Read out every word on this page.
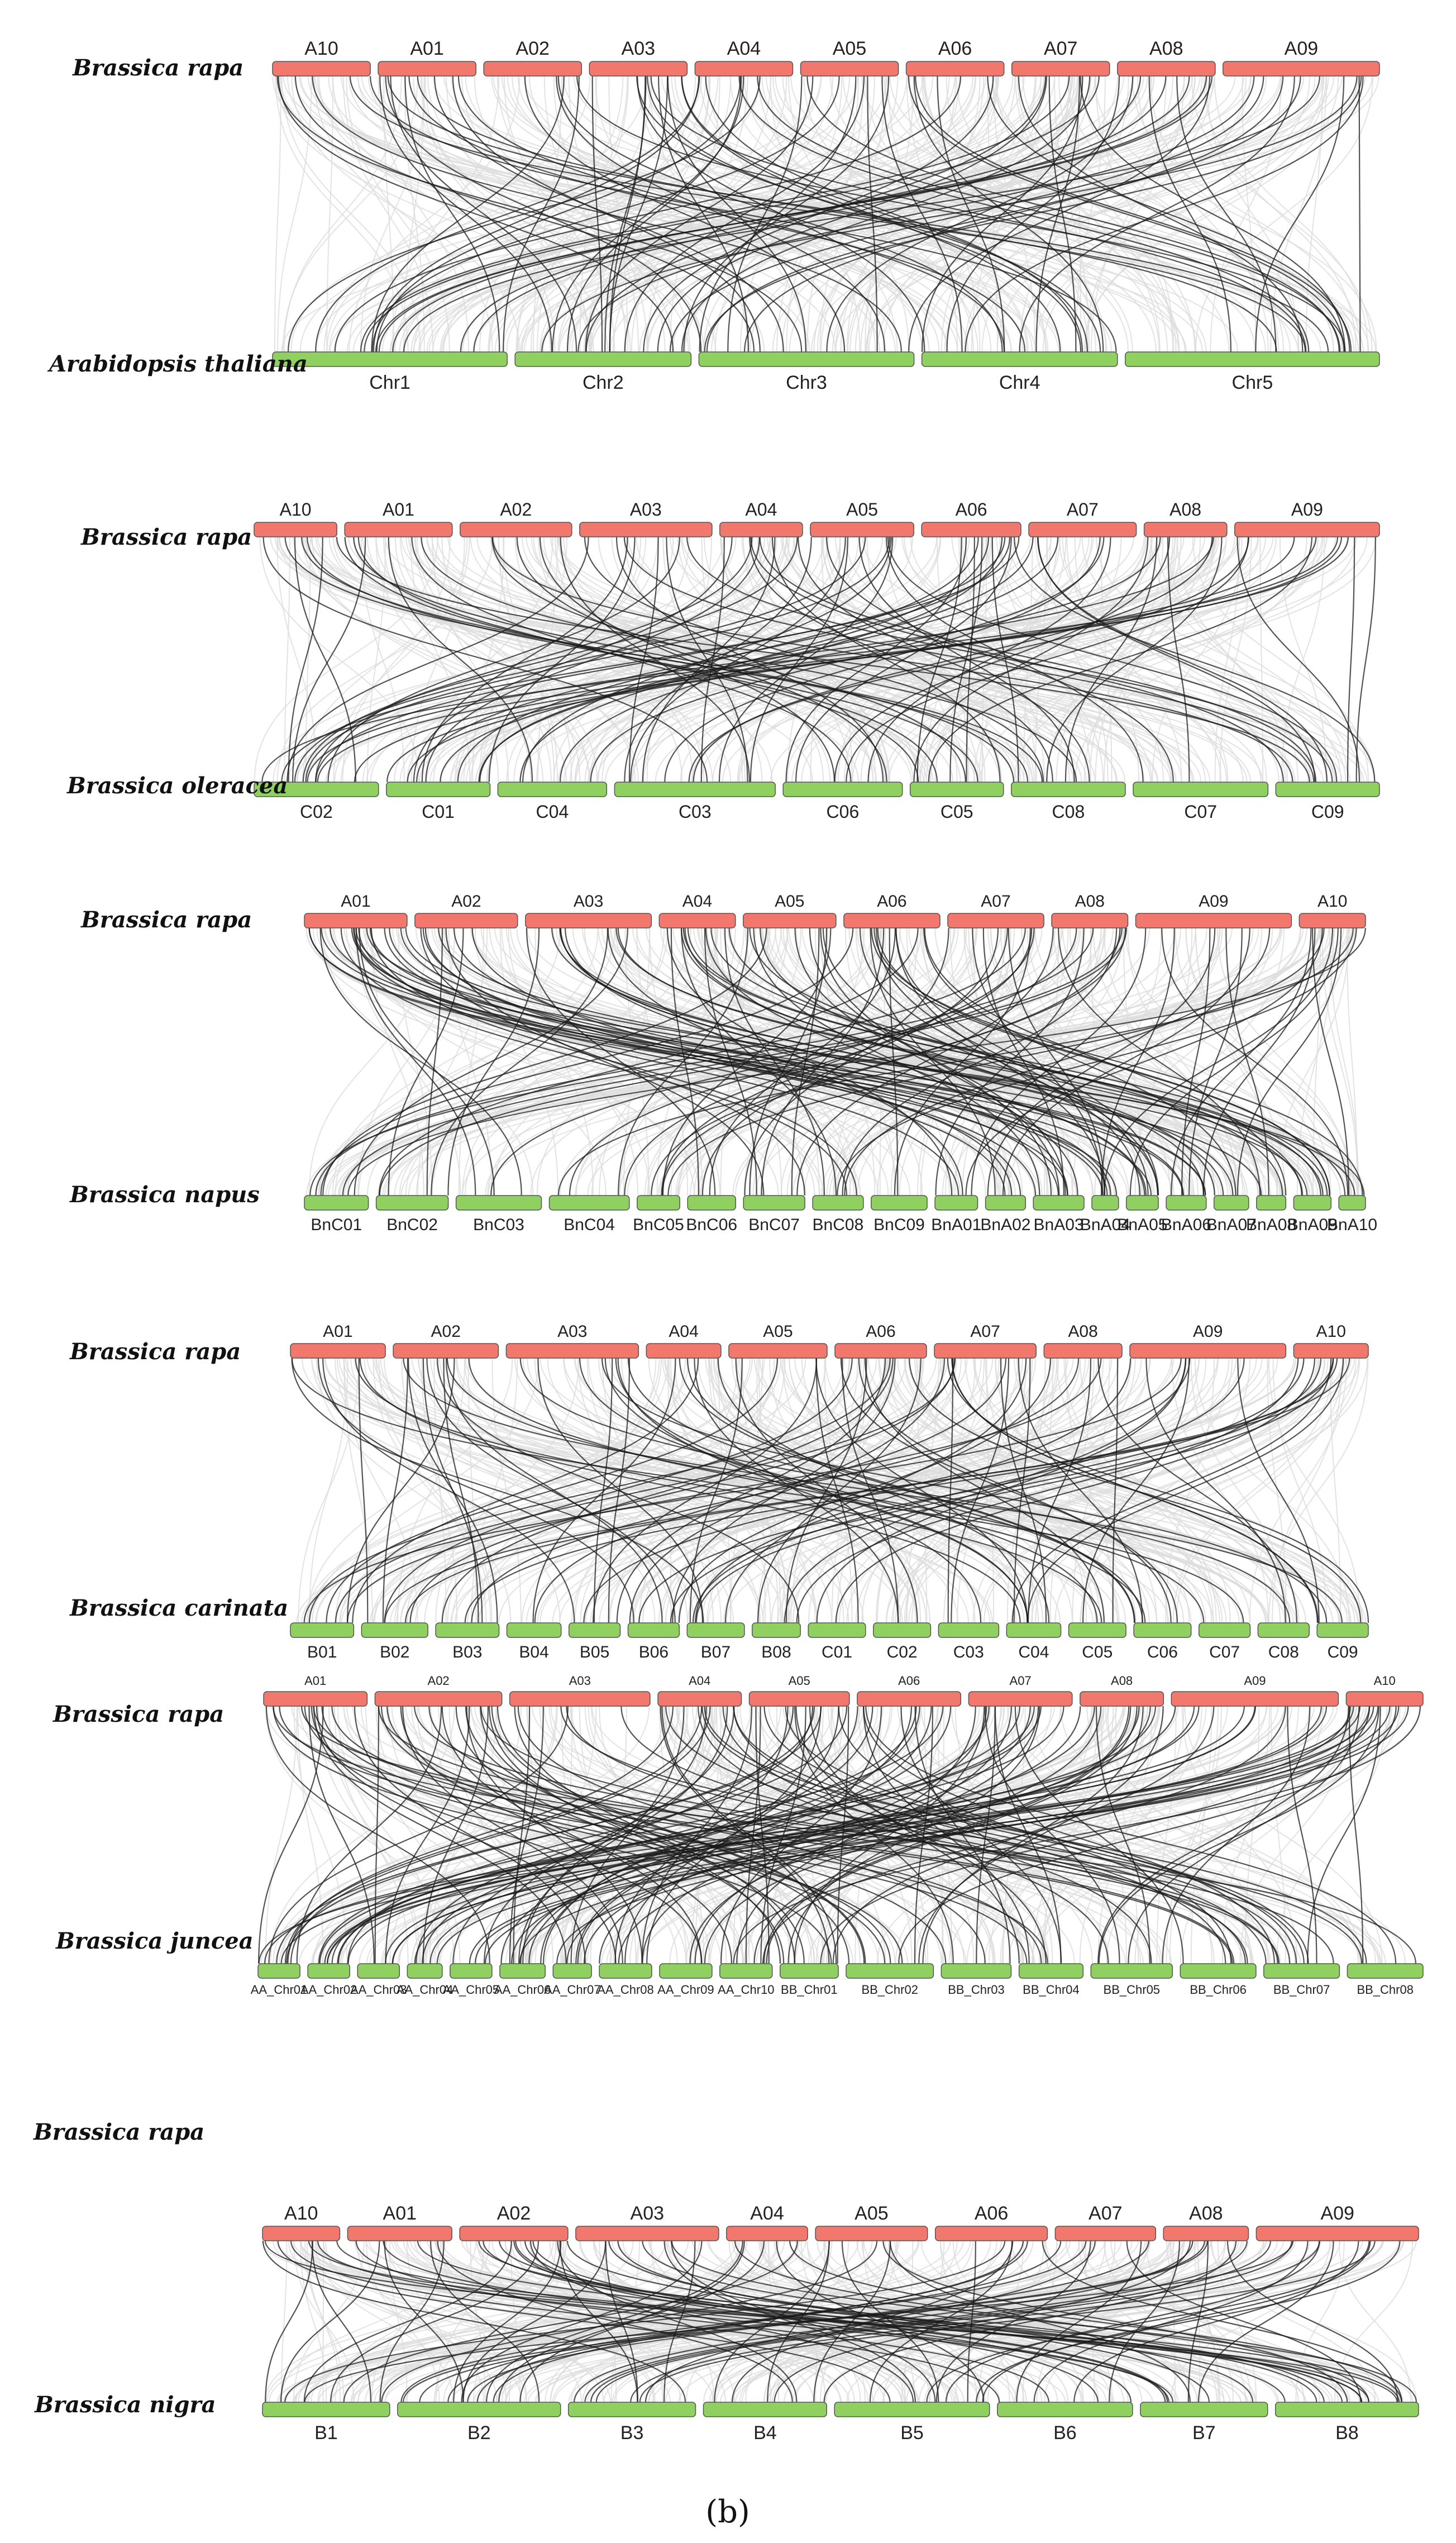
A10	A01	A02	A03	A04	A05	A06	A07	A08	A09
Chr1	Chr2	Chr3	Chr4	Chr5
Brassica rapa
Arabidopsis thaliana
A10	A01	A02	A03	A04	A05	A06	A07	A08	A09
C02	C01	C04	C03	C06	C05	C08	C07	C09
Brassica rapa
Brassica oleracea
A01	A02	A03	A04	A05	A06	A07	A08	A09	A10
BnC01 BnC02 BnC03 BnC04 BnC05 BnC06 BnC07 BnC08 BnC09 BnA01
BnA02 BnA03
BnA04
BnA05
BnA06
BnA07
BnA08
BnA09
BnA10
Brassica rapa
Brassica napus
A01	A02	A03	A04	A05	A06	A07	A08	A09	A10
B01	B02	B03 B04 B05 B06 B07 B08 C01 C02 C03 C04 C05 C06 C07 C08 C09
Brassica rapa
Brassica carinata
A01	A02	A03	A04	A05	A06	A07	A08	A09	A10
AA_Chr01
AA_Chr02
AA_Chr03
AA_Chr04
AA_Chr05
AA_Chr06
AA_Chr07
AA_Chr08 AA_Chr09 AA_Chr10 BB_Chr01 BB_Chr02 BB_Chr03 BB_Chr04 BB_Chr05 BB_Chr06 BB_Chr07 BB_Chr08
Brassica rapa
Brassica juncea
A10	A01	A02	A03	A04	A05	A06	A07	A08	A09
B1	B2	B3	B4	B5	B6	B7	B8
Brassica rapa
Brassica nigra
(b)
